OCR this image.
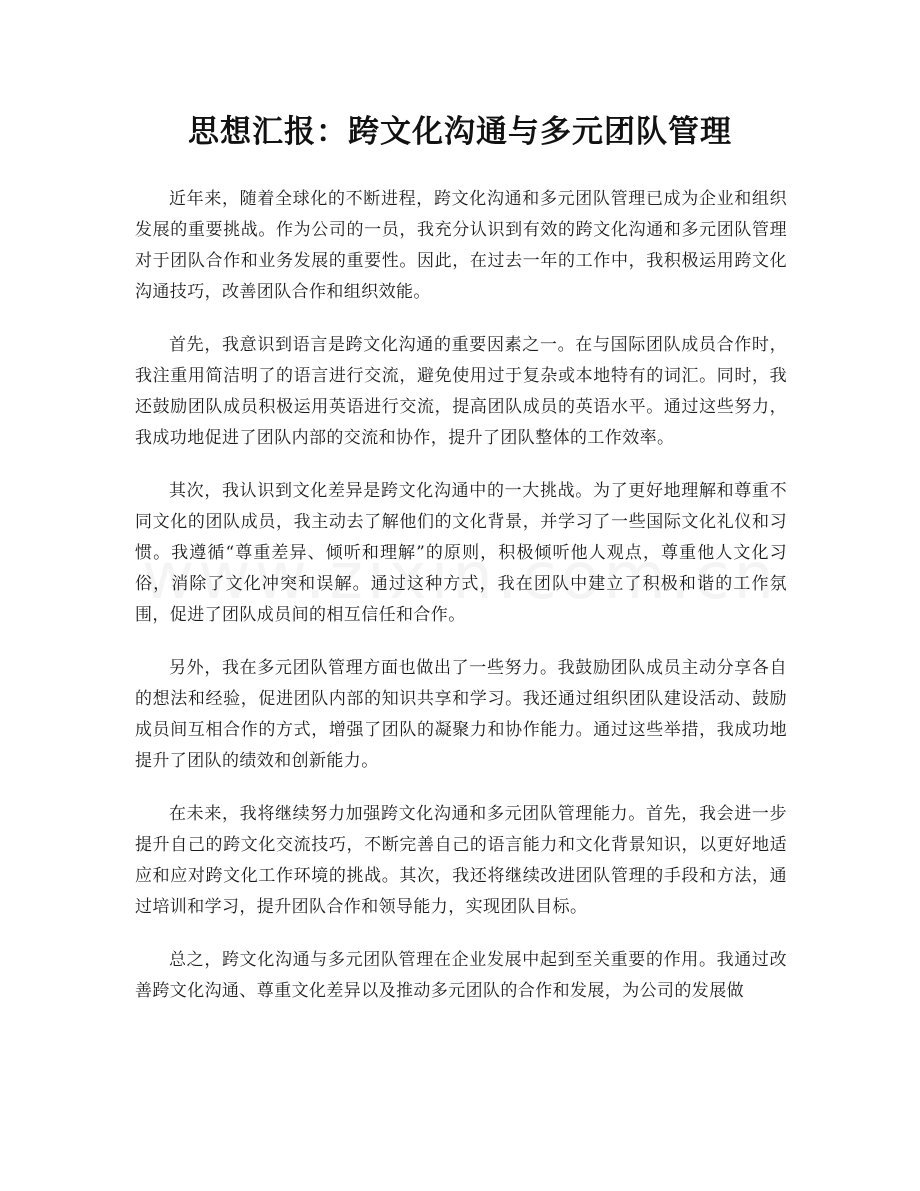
思想汇报：跨文化沟通与多元团队管理

近年来，随着全球化的不断进程，跨文化沟通和多元团队管理已成为企业和组织发展的重要挑战。作为公司的一员，我充分认识到有效的跨文化沟通和多元团队管理对于团队合作和业务发展的重要性。因此，在过去一年的工作中，我积极运用跨文化沟通技巧，改善团队合作和组织效能。

首先，我意识到语言是跨文化沟通的重要因素之一。在与国际团队成员合作时，我注重用简洁明了的语言进行交流，避免使用过于复杂或本地特有的词汇。同时，我还鼓励团队成员积极运用英语进行交流，提高团队成员的英语水平。通过这些努力，我成功地促进了团队内部的交流和协作，提升了团队整体的工作效率。

其次，我认识到文化差异是跨文化沟通中的一大挑战。为了更好地理解和尊重不同文化的团队成员，我主动去了解他们的文化背景，并学习了一些国际文化礼仪和习惯。我遵循“尊重差异、倾听和理解”的原则，积极倾听他人观点，尊重他人文化习俗，消除了文化冲突和误解。通过这种方式，我在团队中建立了积极和谐的工作氛围，促进了团队成员间的相互信任和合作。

另外，我在多元团队管理方面也做出了一些努力。我鼓励团队成员主动分享各自的想法和经验，促进团队内部的知识共享和学习。我还通过组织团队建设活动、鼓励成员间互相合作的方式，增强了团队的凝聚力和协作能力。通过这些举措，我成功地提升了团队的绩效和创新能力。

在未来，我将继续努力加强跨文化沟通和多元团队管理能力。首先，我会进一步提升自己的跨文化交流技巧，不断完善自己的语言能力和文化背景知识，以更好地适应和应对跨文化工作环境的挑战。其次，我还将继续改进团队管理的手段和方法，通过培训和学习，提升团队合作和领导能力，实现团队目标。

总之，跨文化沟通与多元团队管理在企业发展中起到至关重要的作用。我通过改善跨文化沟通、尊重文化差异以及推动多元团队的合作和发展，为公司的发展做
